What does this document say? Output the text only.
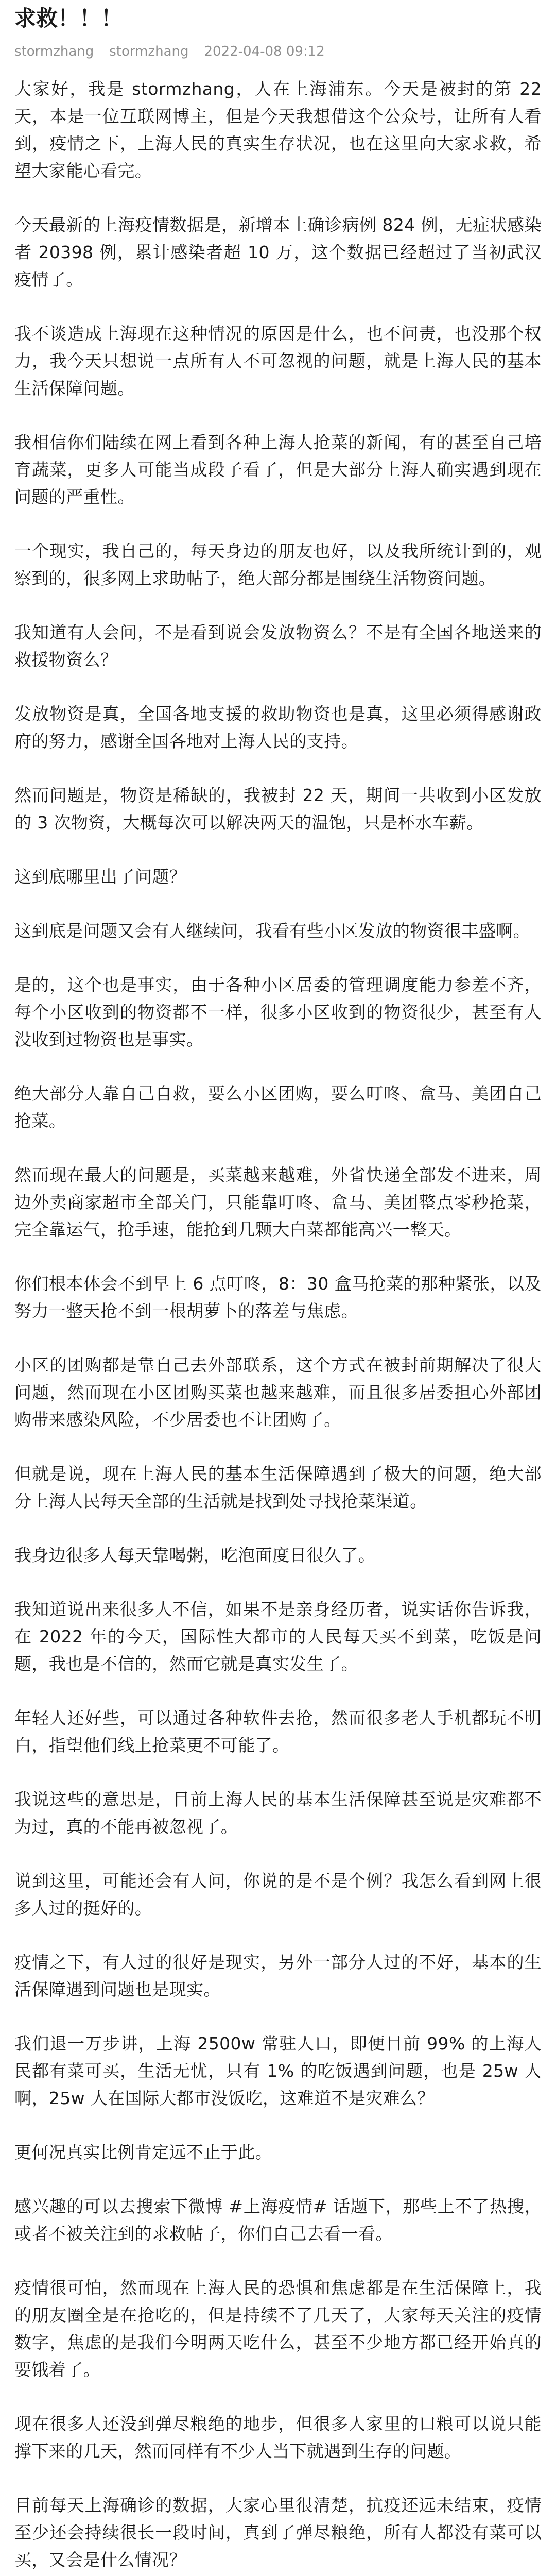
求救！！！
stormzhang stormzhang 2022-04-08 09:12

大家好，我是 stormzhang，人在上海浦东。今天是被封的第 22 天，本是一位互联网博主，但是今天我想借这个公众号，让所有人看到，疫情之下，上海人民的真实生存状况，也在这里向大家求救，希望大家能心看完。

今天最新的上海疫情数据是，新增本土确诊病例 824 例，无症状感染者 20398 例，累计感染者超 10 万，这个数据已经超过了当初武汉疫情了。

我不谈造成上海现在这种情况的原因是什么，也不问责，也没那个权力，我今天只想说一点所有人不可忽视的问题，就是上海人民的基本生活保障问题。

我相信你们陆续在网上看到各种上海人抢菜的新闻，有的甚至自己培育蔬菜，更多人可能当成段子看了，但是大部分上海人确实遇到现在问题的严重性。

一个现实，我自己的，每天身边的朋友也好，以及我所统计到的，观察到的，很多网上求助帖子，绝大部分都是围绕生活物资问题。

我知道有人会问，不是看到说会发放物资么？不是有全国各地送来的救援物资么？

发放物资是真，全国各地支援的救助物资也是真，这里必须得感谢政府的努力，感谢全国各地对上海人民的支持。

然而问题是，物资是稀缺的，我被封 22 天，期间一共收到小区发放的 3 次物资，大概每次可以解决两天的温饱，只是杯水车薪。

这到底哪里出了问题？

这到底是问题又会有人继续问，我看有些小区发放的物资很丰盛啊。

是的，这个也是事实，由于各种小区居委的管理调度能力参差不齐，每个小区收到的物资都不一样，很多小区收到的物资很少，甚至有人没收到过物资也是事实。

绝大部分人靠自己自救，要么小区团购，要么叮咚、盒马、美团自己抢菜。

然而现在最大的问题是，买菜越来越难，外省快递全部发不进来，周边外卖商家超市全部关门，只能靠叮咚、盒马、美团整点零秒抢菜，完全靠运气，抢手速，能抢到几颗大白菜都能高兴一整天。

你们根本体会不到早上 6 点叮咚，8：30 盒马抢菜的那种紧张，以及努力一整天抢不到一根胡萝卜的落差与焦虑。

小区的团购都是靠自己去外部联系，这个方式在被封前期解决了很大问题，然而现在小区团购买菜也越来越难，而且很多居委担心外部团购带来感染风险，不少居委也不让团购了。

但就是说，现在上海人民的基本生活保障遇到了极大的问题，绝大部分上海人民每天全部的生活就是找到处寻找抢菜渠道。

我身边很多人每天靠喝粥，吃泡面度日很久了。

我知道说出来很多人不信，如果不是亲身经历者，说实话你告诉我，在 2022 年的今天，国际性大都市的人民每天买不到菜，吃饭是问题，我也是不信的，然而它就是真实发生了。

年轻人还好些，可以通过各种软件去抢，然而很多老人手机都玩不明白，指望他们线上抢菜更不可能了。

我说这些的意思是，目前上海人民的基本生活保障甚至说是灾难都不为过，真的不能再被忽视了。

说到这里，可能还会有人问，你说的是不是个例？我怎么看到网上很多人过的挺好的。

疫情之下，有人过的很好是现实，另外一部分人过的不好，基本的生活保障遇到问题也是现实。

我们退一万步讲，上海 2500w 常驻人口，即便目前 99% 的上海人民都有菜可买，生活无忧，只有 1% 的吃饭遇到问题，也是 25w 人啊，25w 人在国际大都市没饭吃，这难道不是灾难么？

更何况真实比例肯定远不止于此。

感兴趣的可以去搜索下微博 #上海疫情# 话题下，那些上不了热搜，或者不被关注到的求救帖子，你们自己去看一看。

疫情很可怕，然而现在上海人民的恐惧和焦虑都是在生活保障上，我的朋友圈全是在抢吃的，但是持续不了几天了，大家每天关注的疫情数字，焦虑的是我们今明两天吃什么，甚至不少地方都已经开始真的要饿着了。

现在很多人还没到弹尽粮绝的地步，但很多人家里的口粮可以说只能撑下来的几天，然而同样有不少人当下就遇到生存的问题。

目前每天上海确诊的数据，大家心里很清楚，抗疫还远未结束，疫情至少还会持续很长一段时间，真到了弹尽粮绝，所有人都没有菜可以买，又会是什么情况？
